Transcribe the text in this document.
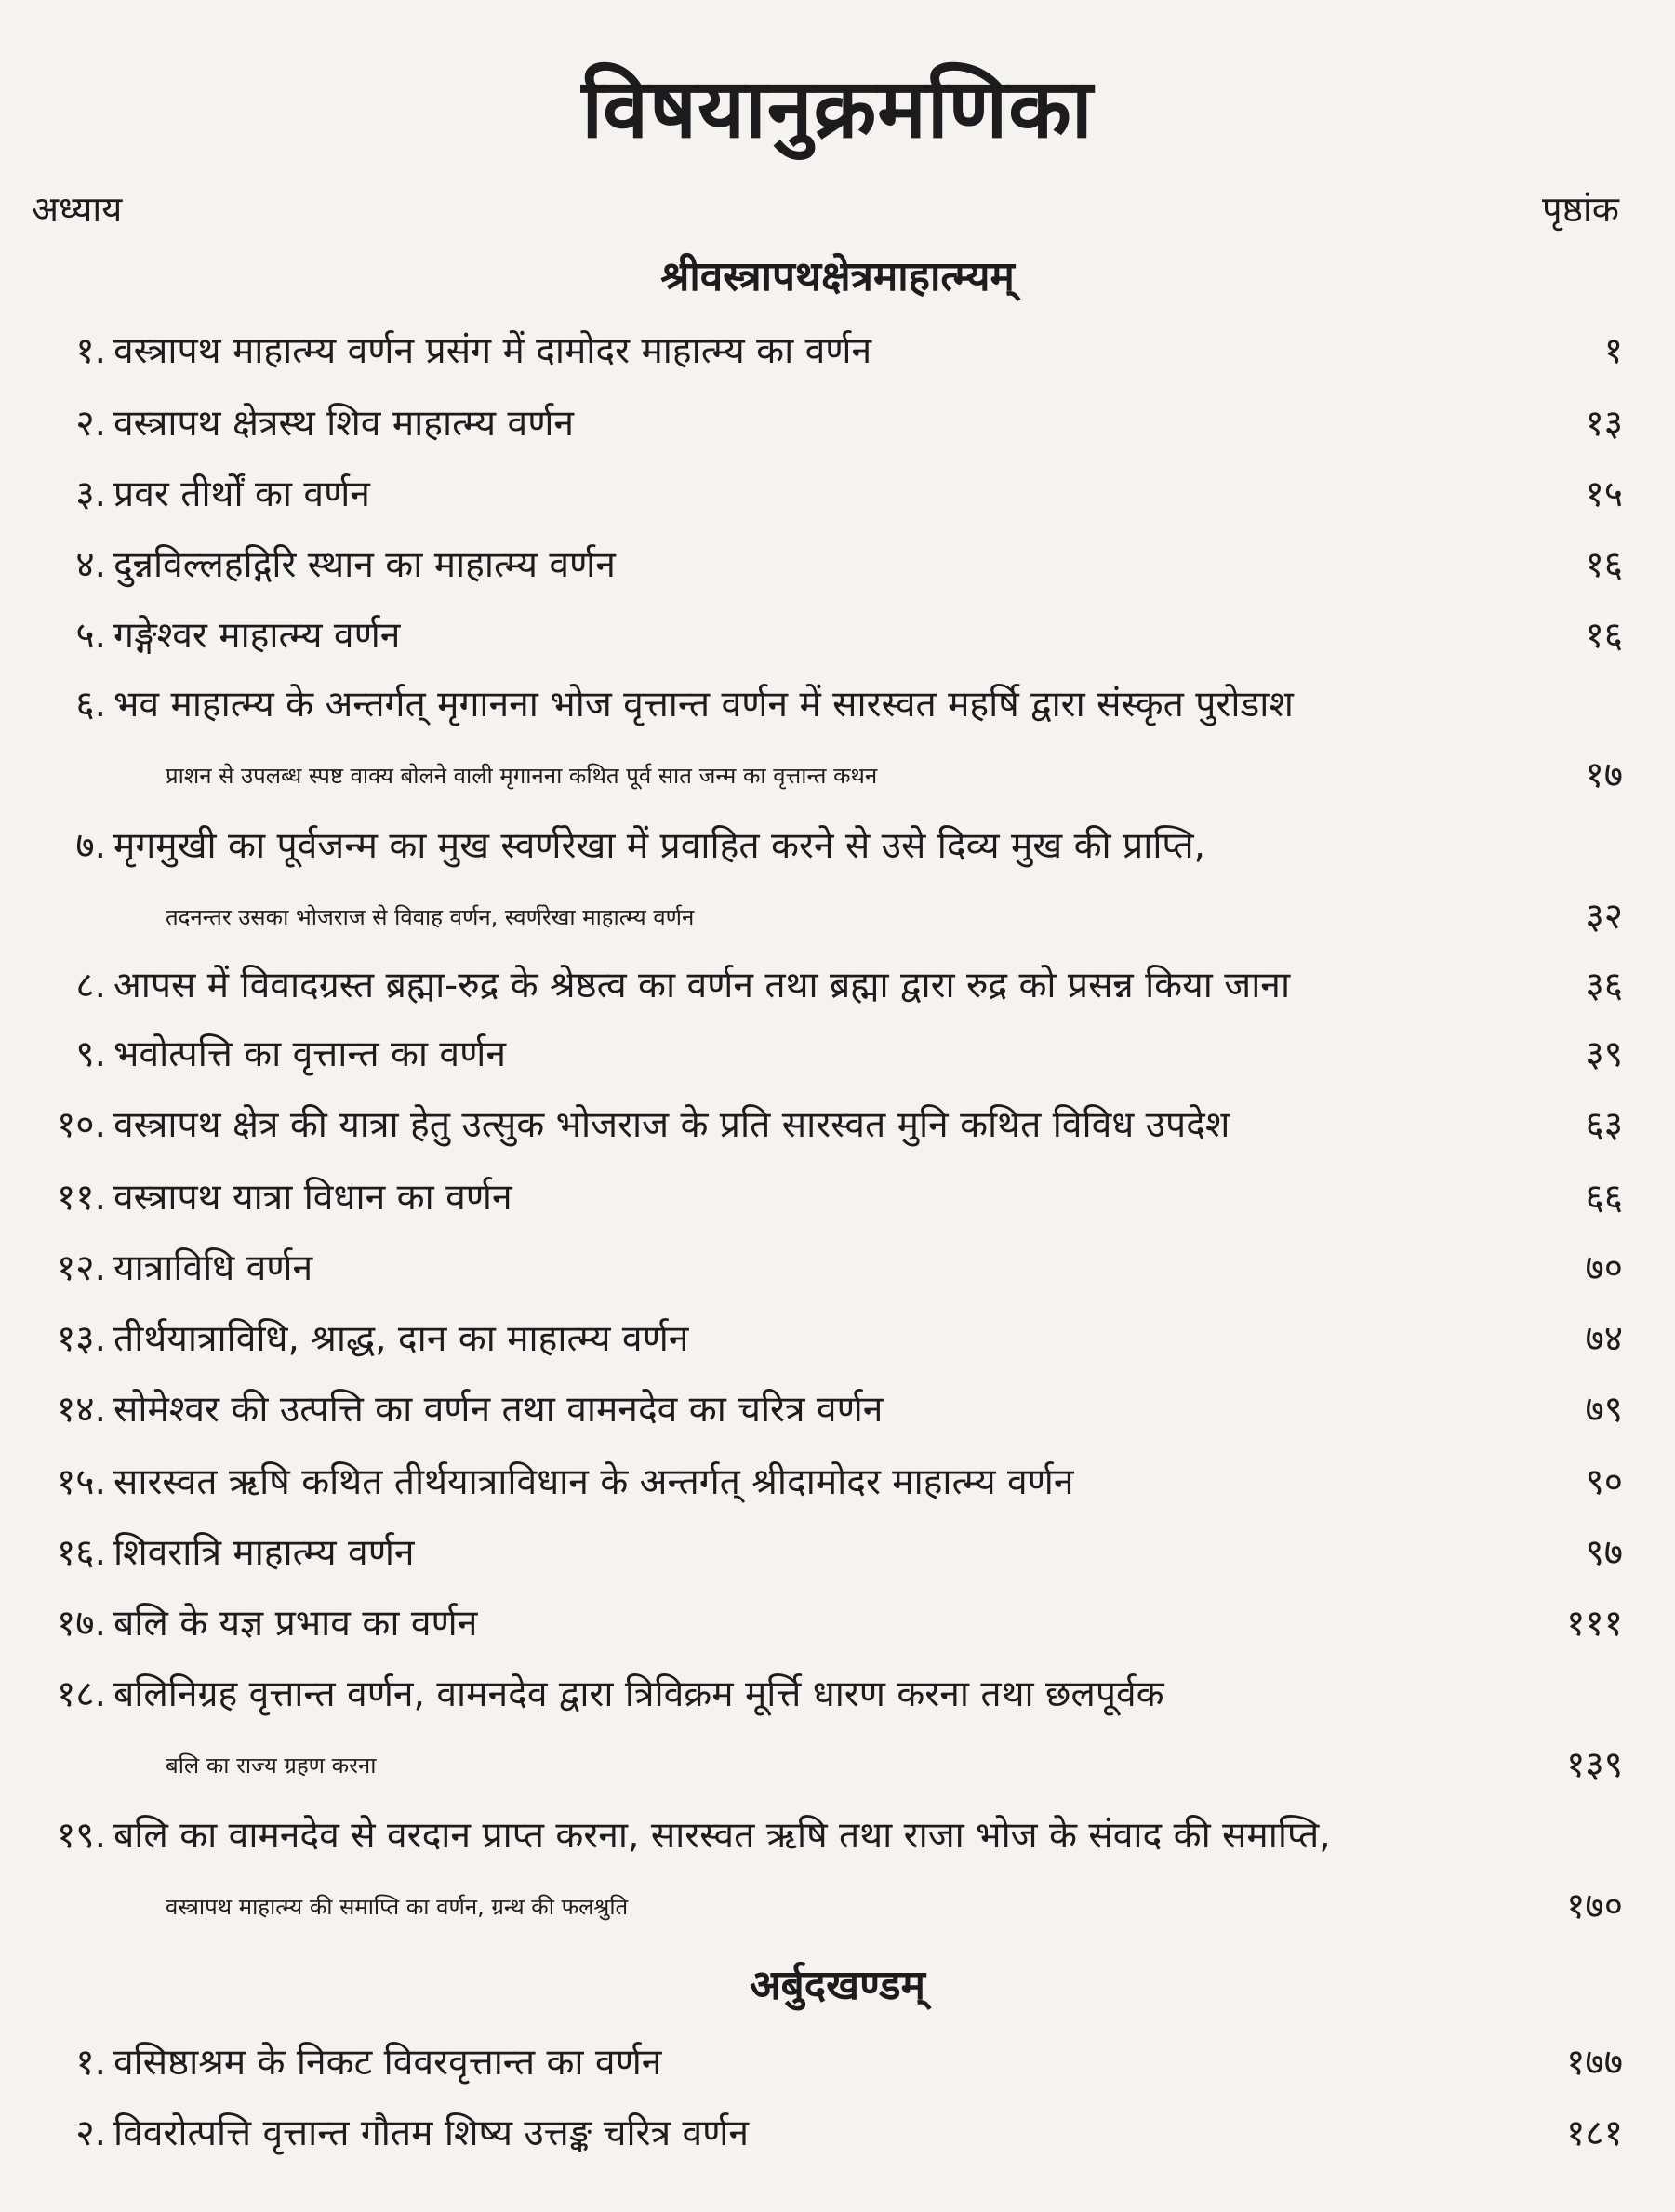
विषयानुक्रमणिका
अध्याय	पृष्ठांक
श्रीवस्त्रापथक्षेत्रमाहात्म्यम्
१. वस्त्रापथ माहात्म्य वर्णन प्रसंग में दामोदर माहात्म्य का वर्णन	१
२. वस्त्रापथ क्षेत्रस्थ शिव माहात्म्य वर्णन	१३
३. प्रवर तीर्थों का वर्णन	१५
४. दुन्नविल्लहद्गिरि स्थान का माहात्म्य वर्णन	१६
५. गङ्गेश्वर माहात्म्य वर्णन	१६
६. भव माहात्म्य के अन्तर्गत् मृगानना भोज वृत्तान्त वर्णन में सारस्वत महर्षि द्वारा संस्कृत पुरोडाश
प्राशन से उपलब्ध स्पष्ट वाक्य बोलने वाली मृगानना कथित पूर्व सात जन्म का वृत्तान्त कथन	१७
७. मृगमुखी का पूर्वजन्म का मुख स्वर्णरेखा में प्रवाहित करने से उसे दिव्य मुख की प्राप्ति,
तदनन्तर उसका भोजराज से विवाह वर्णन, स्वर्णरेखा माहात्म्य वर्णन	३२
८. आपस में विवादग्रस्त ब्रह्मा-रुद्र के श्रेष्ठत्व का वर्णन तथा ब्रह्मा द्वारा रुद्र को प्रसन्न किया जाना	३६
९. भवोत्पत्ति का वृत्तान्त का वर्णन	३९
१०. वस्त्रापथ क्षेत्र की यात्रा हेतु उत्सुक भोजराज के प्रति सारस्वत मुनि कथित विविध उपदेश	६३
११. वस्त्रापथ यात्रा विधान का वर्णन	६६
१२. यात्राविधि वर्णन	७०
१३. तीर्थयात्राविधि, श्राद्ध, दान का माहात्म्य वर्णन	७४
१४. सोमेश्वर की उत्पत्ति का वर्णन तथा वामनदेव का चरित्र वर्णन	७९
१५. सारस्वत ऋषि कथित तीर्थयात्राविधान के अन्तर्गत् श्रीदामोदर माहात्म्य वर्णन	९०
१६. शिवरात्रि माहात्म्य वर्णन	९७
१७. बलि के यज्ञ प्रभाव का वर्णन	१११
१८. बलिनिग्रह वृत्तान्त वर्णन, वामनदेव द्वारा त्रिविक्रम मूर्त्ति धारण करना तथा छलपूर्वक
बलि का राज्य ग्रहण करना	१३९
१९. बलि का वामनदेव से वरदान प्राप्त करना, सारस्वत ऋषि तथा राजा भोज के संवाद की समाप्ति,
वस्त्रापथ माहात्म्य की समाप्ति का वर्णन, ग्रन्थ की फलश्रुति	१७०
अर्बुदखण्डम्
१. वसिष्ठाश्रम के निकट विवरवृत्तान्त का वर्णन	१७७
२. विवरोत्पत्ति वृत्तान्त गौतम शिष्य उत्तङ्क चरित्र वर्णन	१८१
